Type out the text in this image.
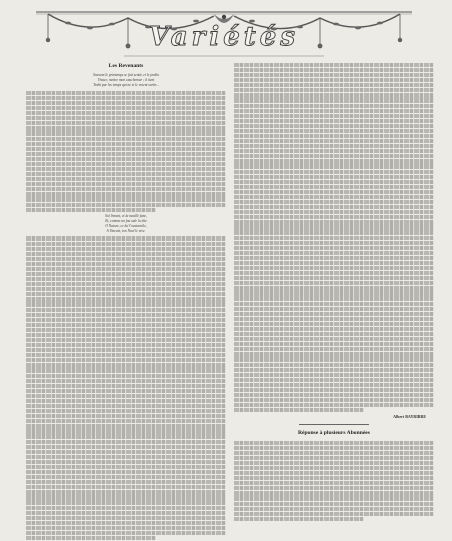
Variétés
Les Revenants
Souvent le printemps se fait sentir, et le jardin
Vivace, mettre mon cauchemar ; il tient
Trahi par les temps qui ne te le voient sortir...
Sol livrant, et la neuille fane,
Et, comme un fou sale la tête
O Nature, ce lui l'oustavoile,
A Vincent, ton Noel le vive.
Albert BAYRIBRE
Réponse à plusieurs Abonnées
